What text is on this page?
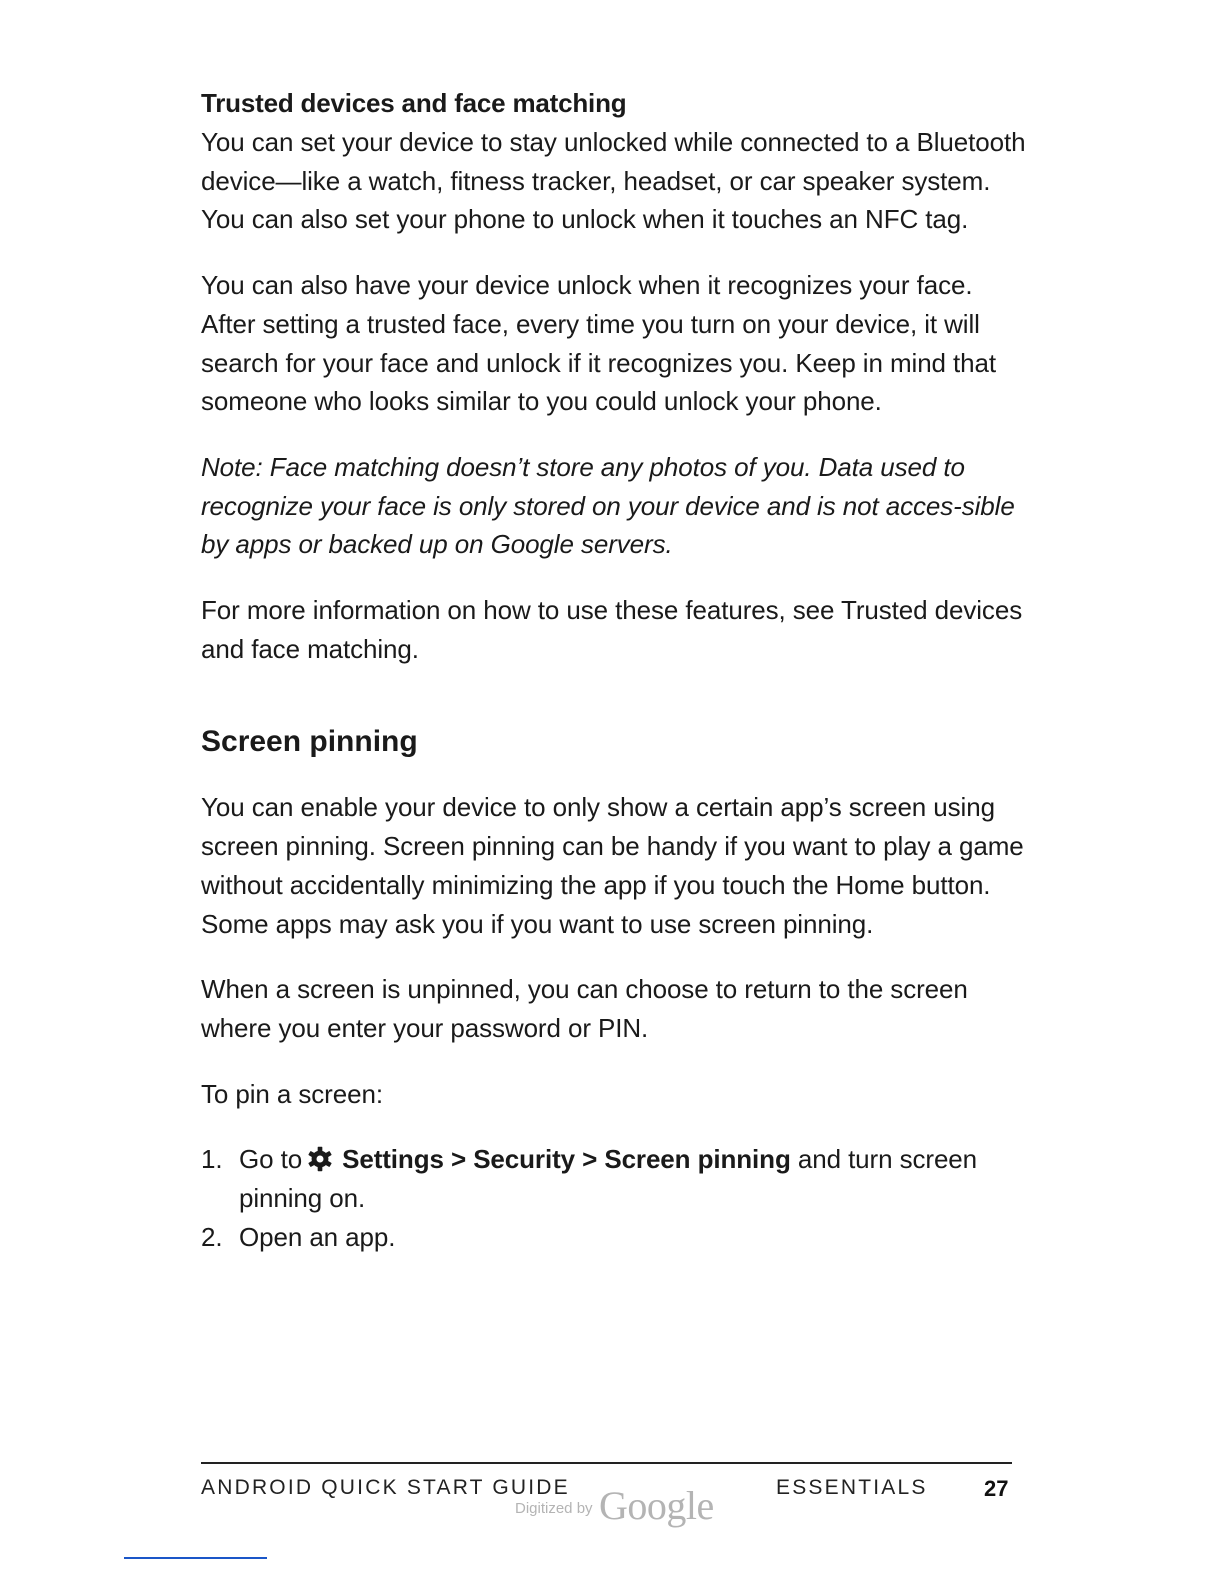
Trusted devices and face matching

You can set your device to stay unlocked while connected to a Bluetooth device—like a watch, fitness tracker, headset, or car speaker system. You can also set your phone to unlock when it touches an NFC tag.

You can also have your device unlock when it recognizes your face. After setting a trusted face, every time you turn on your device, it will search for your face and unlock if it recognizes you. Keep in mind that someone who looks similar to you could unlock your phone.

Note: Face matching doesn’t store any photos of you. Data used to recognize your face is only stored on your device and is not acces-sible by apps or backed up on Google servers.

For more information on how to use these features, see Trusted devices and face matching.

Screen pinning

You can enable your device to only show a certain app’s screen using screen pinning. Screen pinning can be handy if you want to play a game without accidentally minimizing the app if you touch the Home button. Some apps may ask you if you want to use screen pinning.

When a screen is unpinned, you can choose to return to the screen where you enter your password or PIN.

To pin a screen:

1. Go to Settings > Security > Screen pinning and turn screen pinning on.
2. Open an app.
ANDROID QUICK START GUIDE
Digitized by Google	ESSENTIALS	27
